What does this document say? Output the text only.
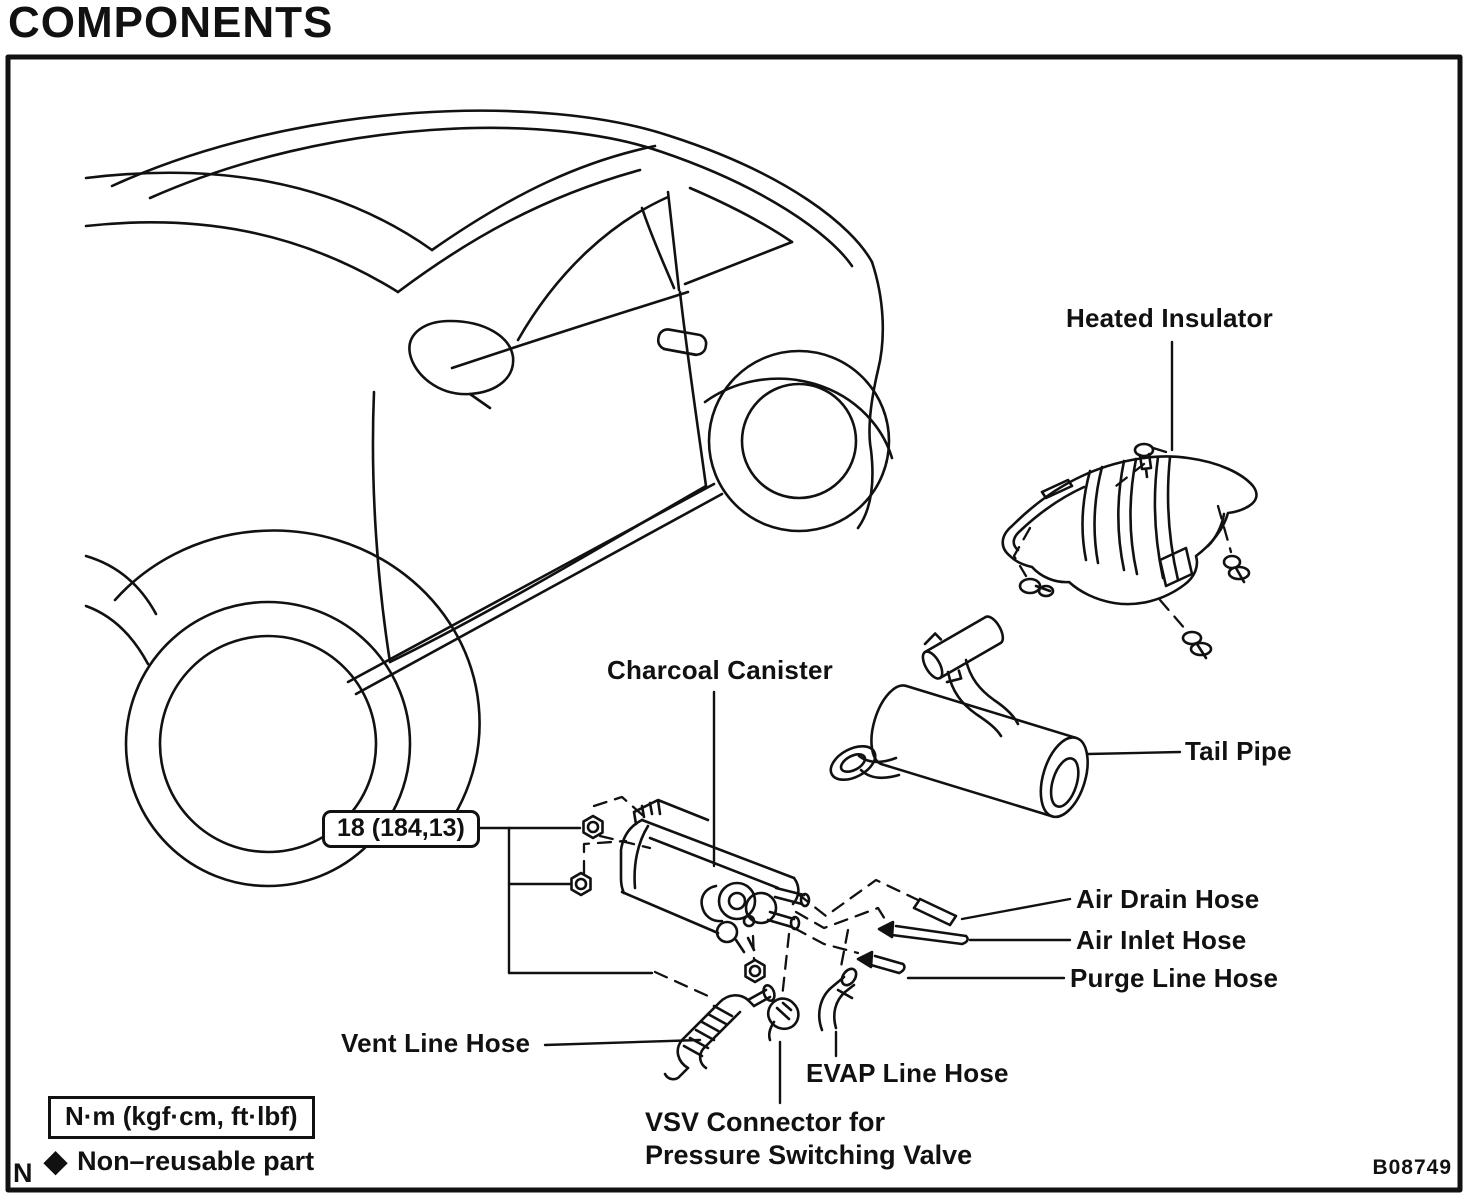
COMPONENTS
Heated Insulator
Charcoal Canister
Tail Pipe
Air Drain Hose
Air Inlet Hose
Purge Line Hose
Vent Line Hose
EVAP Line Hose
VSV Connector for
Pressure Switching Valve
18 (184,13)
N·m (kgf·cm, ft·lbf)
◆ Non–reusable part
N	B08749
